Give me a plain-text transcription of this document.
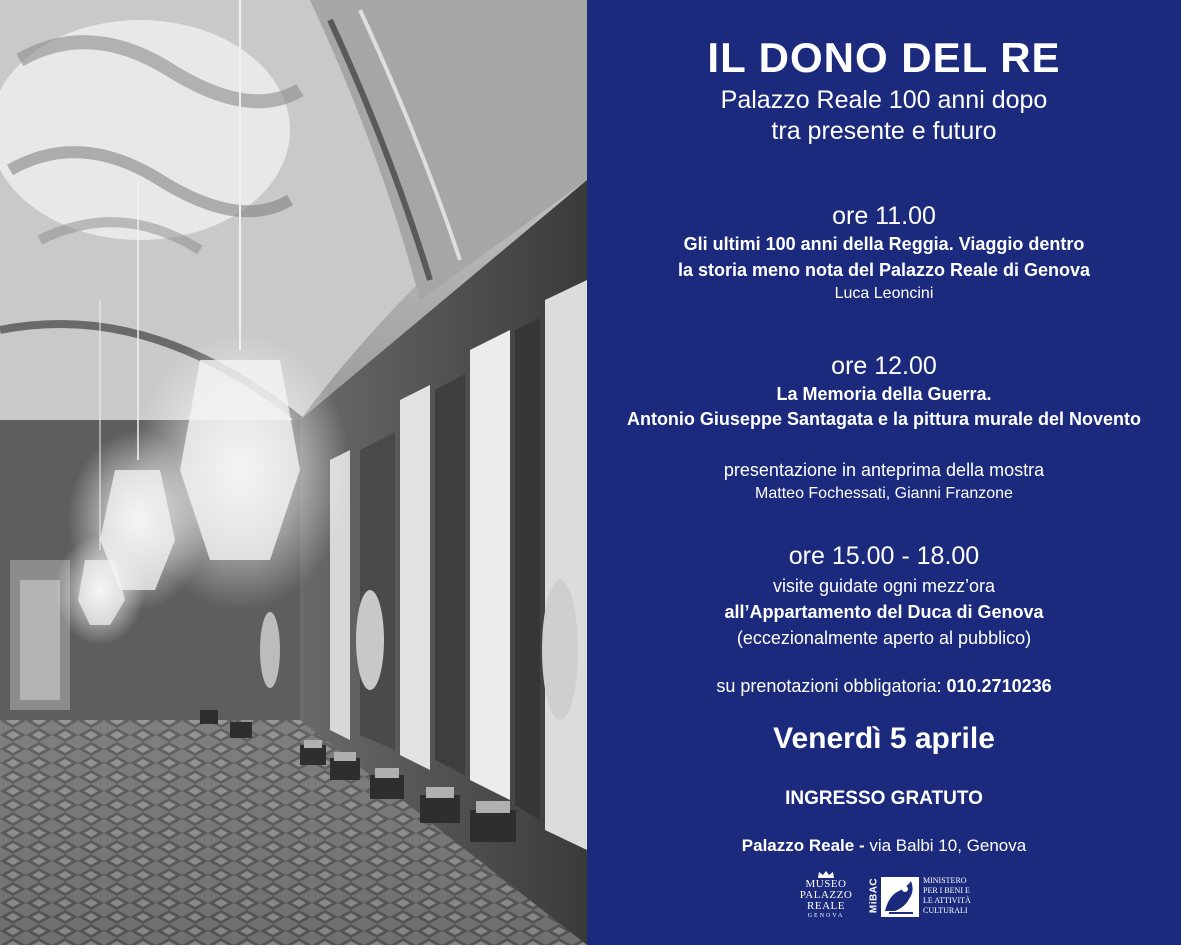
IL DONO DEL RE
Palazzo Reale 100 anni dopo
tra presente e futuro
ore 11.00
Gli ultimi 100 anni della Reggia. Viaggio dentro
la storia meno nota del Palazzo Reale di Genova
Luca Leoncini
ore 12.00
La Memoria della Guerra.
Antonio Giuseppe Santagata e la pittura murale del Novento
presentazione in anteprima della mostra
Matteo Fochessati, Gianni Franzone
ore 15.00 - 18.00
visite guidate ogni mezz’ora
all’Appartamento del Duca di Genova
(eccezionalmente aperto al pubblico)
su prenotazioni obbligatoria: 010.2710236
Venerdì 5 aprile
INGRESSO GRATUTO
Palazzo Reale - via Balbi 10, Genova
MUSEO
PALAZZO
REALE
GENOVA
MiBAC	MINISTERO
PER I BENI E
LE ATTIVITÀ
CULTURALI
